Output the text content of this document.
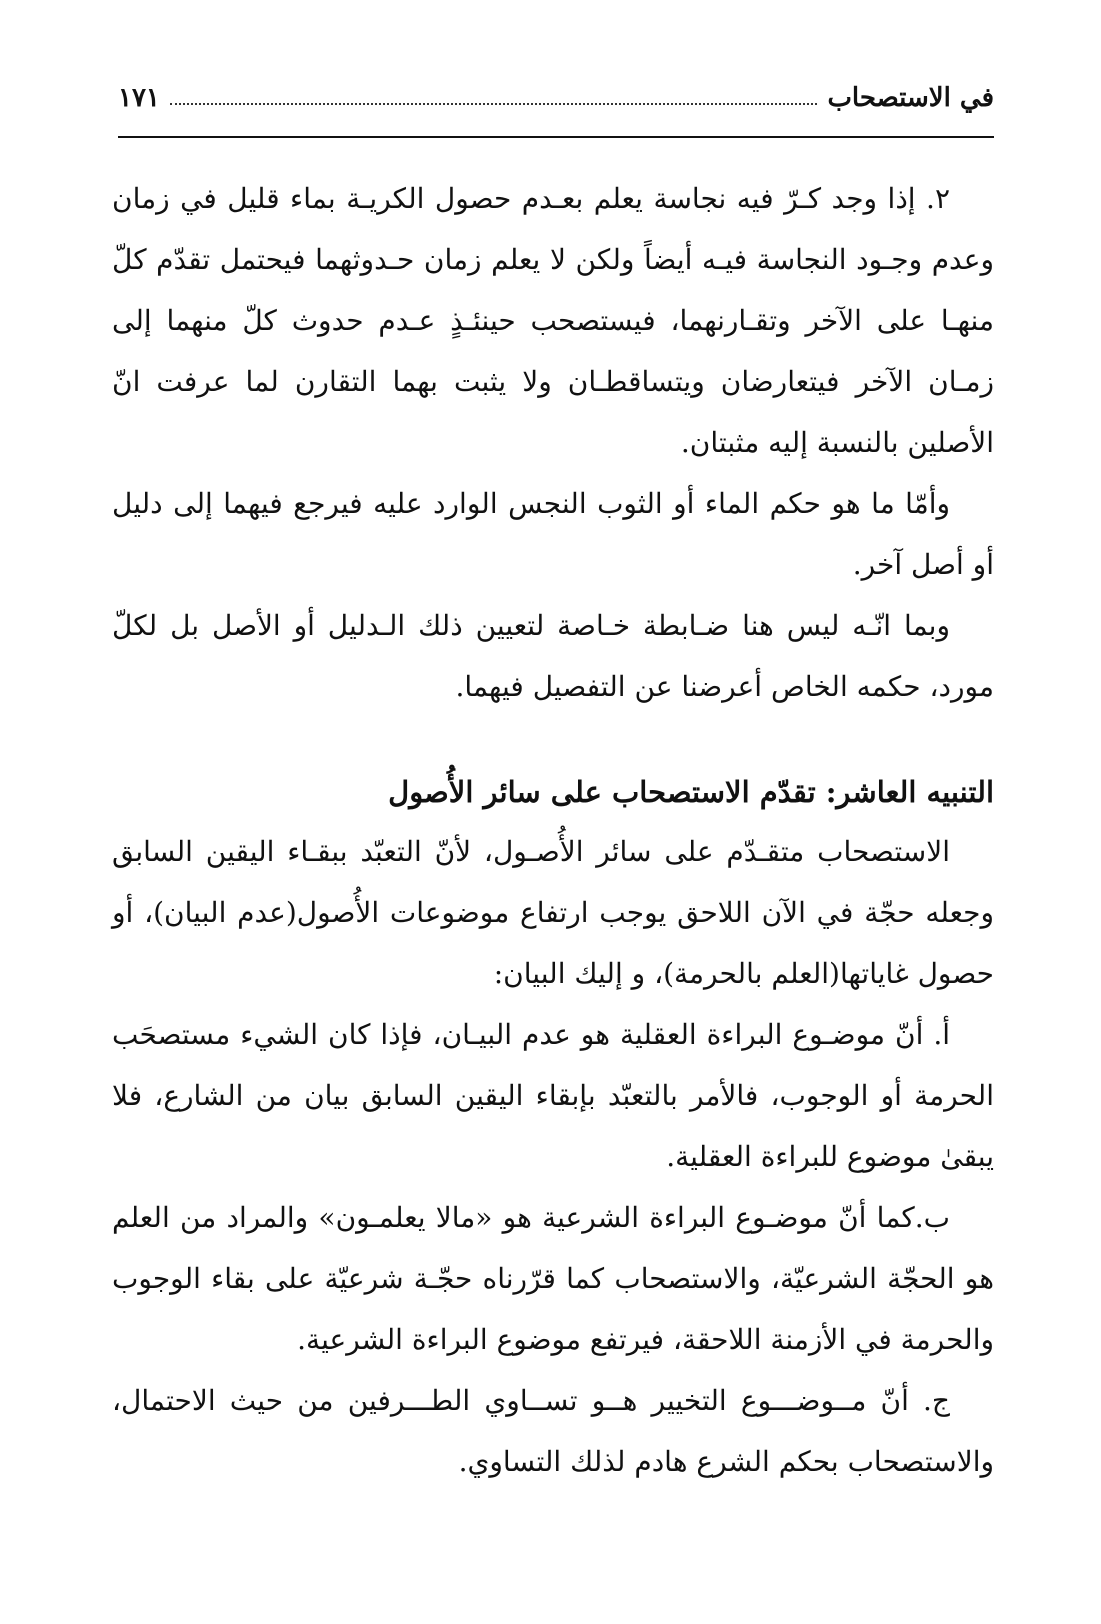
في الاستصحاب
١٧١

٢. إذا وجد كـرّ فيه نجاسة يعلم بعـدم حصول الكريـة بماء قليل في زمان وعدم وجـود النجاسة فيـه أيضاً ولكن لا يعلم زمان حـدوثهما فيحتمل تقدّم كلّ منهـا على الآخر وتقـارنهما، فيستصحب حينئـذٍ عـدم حدوث كلّ منهما إلى زمـان الآخر فيتعارضان ويتساقطـان ولا يثبت بهما التقارن لما عرفت انّ الأصلين بالنسبة إليه مثبتان.

وأمّا ما هو حكم الماء أو الثوب النجس الوارد عليه فيرجع فيهما إلى دليل أو أصل آخر.

وبما انّـه ليس هنا ضـابطة خـاصة لتعيين ذلك الـدليل أو الأصل بل لكلّ مورد، حكمه الخاص أعرضنا عن التفصيل فيهما.

التنبيه العاشر: تقدّم الاستصحاب على سائر الأُصول

الاستصحاب متقـدّم على سائر الأُصـول، لأنّ التعبّد ببقـاء اليقين السابق وجعله حجّة في الآن اللاحق يوجب ارتفاع موضوعات الأُصول(عدم البيان)، أو حصول غاياتها(العلم بالحرمة)، و إليك البيان:

أ. أنّ موضـوع البراءة العقلية هو عدم البيـان، فإذا كان الشيء مستصحَب الحرمة أو الوجوب، فالأمر بالتعبّد بإبقاء اليقين السابق بيان من الشارع، فلا يبقىٰ موضوع للبراءة العقلية.

ب.كما أنّ موضـوع البراءة الشرعية هو «مالا يعلمـون» والمراد من العلم هو الحجّة الشرعيّة، والاستصحاب كما قرّرناه حجّـة شرعيّة على بقاء الوجوب والحرمة في الأزمنة اللاحقة، فيرتفع موضوع البراءة الشرعية.

ج. أنّ مــوضـــوع التخيير هــو تســاوي الطـــرفين من حيث الاحتمال، والاستصحاب بحكم الشرع هادم لذلك التساوي.
